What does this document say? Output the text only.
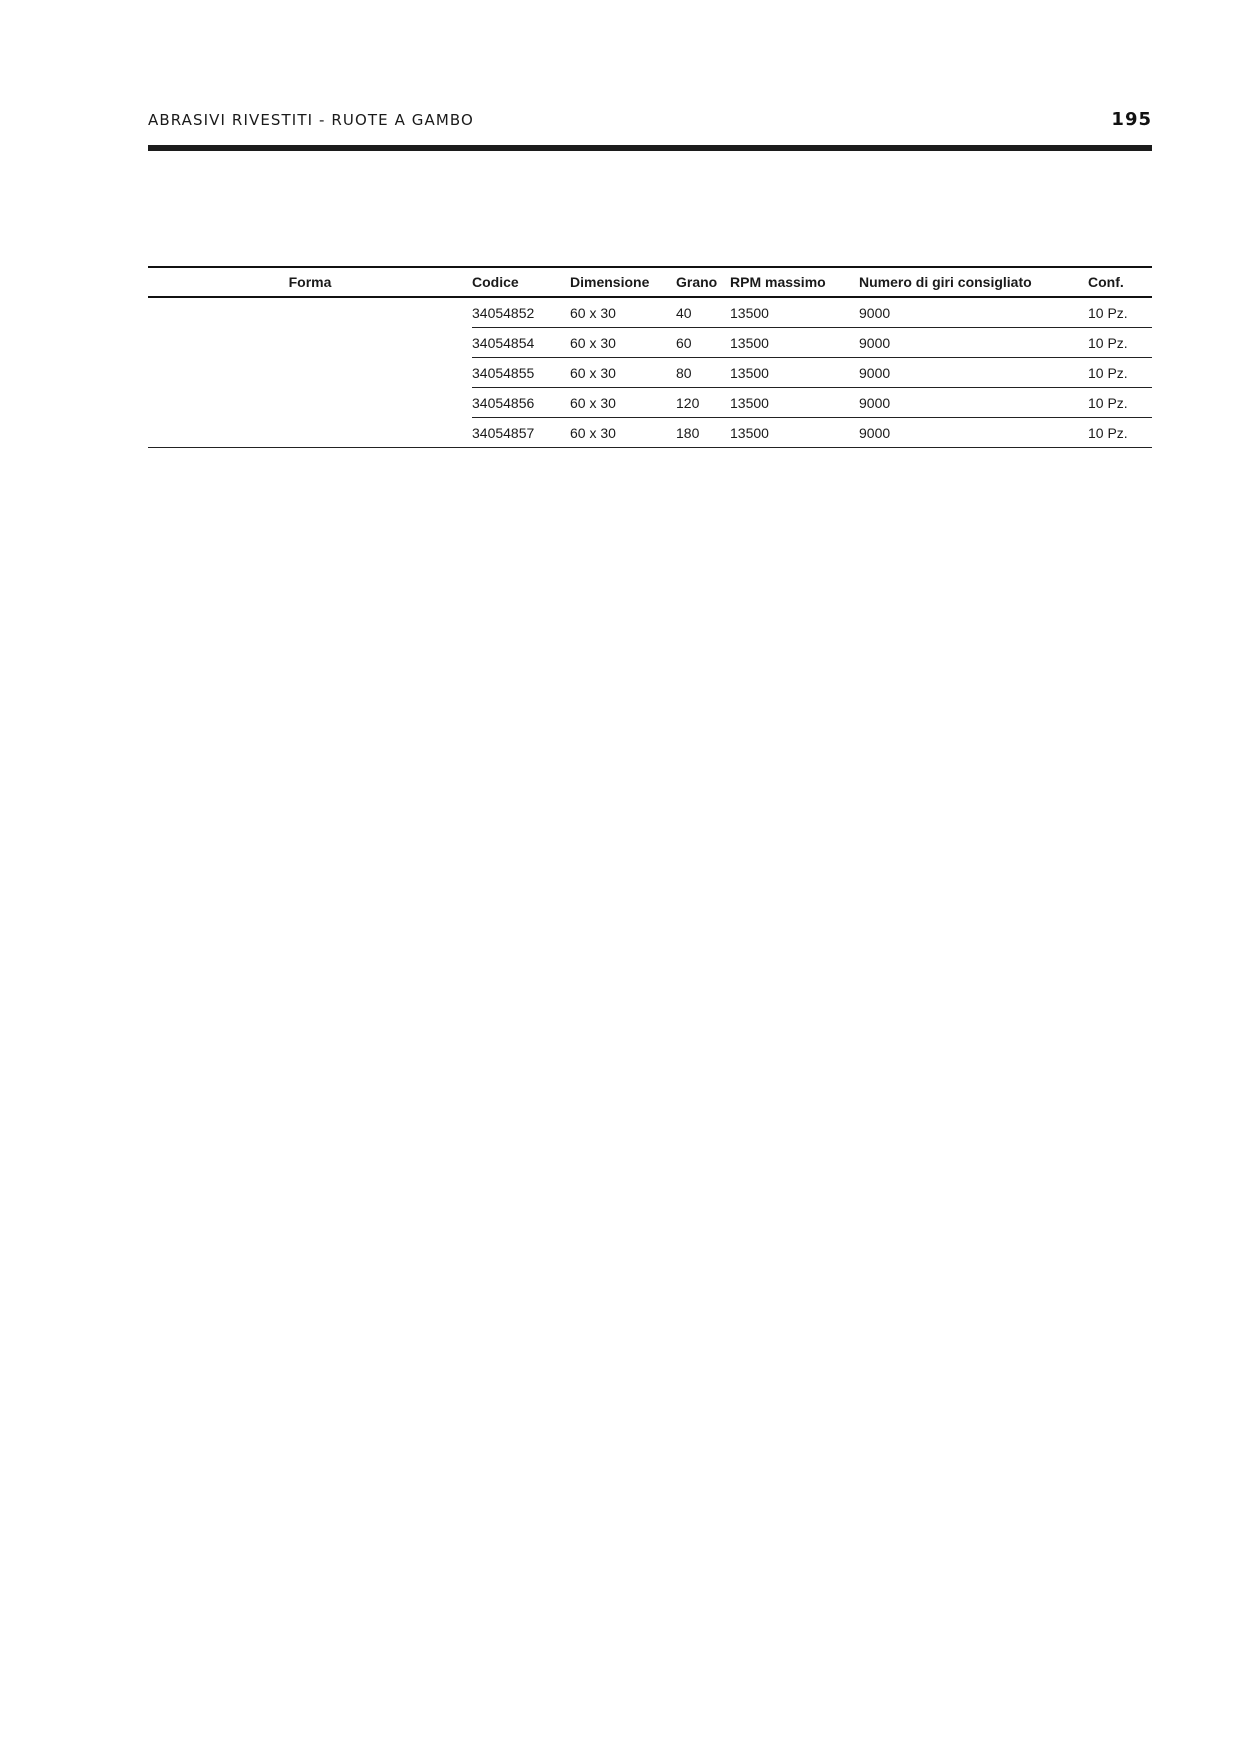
ABRASIVI RIVESTITI - RUOTE A GAMBO	195
Forma	Codice	Dimensione	Grano	RPM massimo	Numero di giri consigliato	Conf.
	34054852	60 x 30	40	13500	9000	10 Pz.
	34054854	60 x 30	60	13500	9000	10 Pz.
	34054855	60 x 30	80	13500	9000	10 Pz.
	34054856	60 x 30	120	13500	9000	10 Pz.
	34054857	60 x 30	180	13500	9000	10 Pz.
